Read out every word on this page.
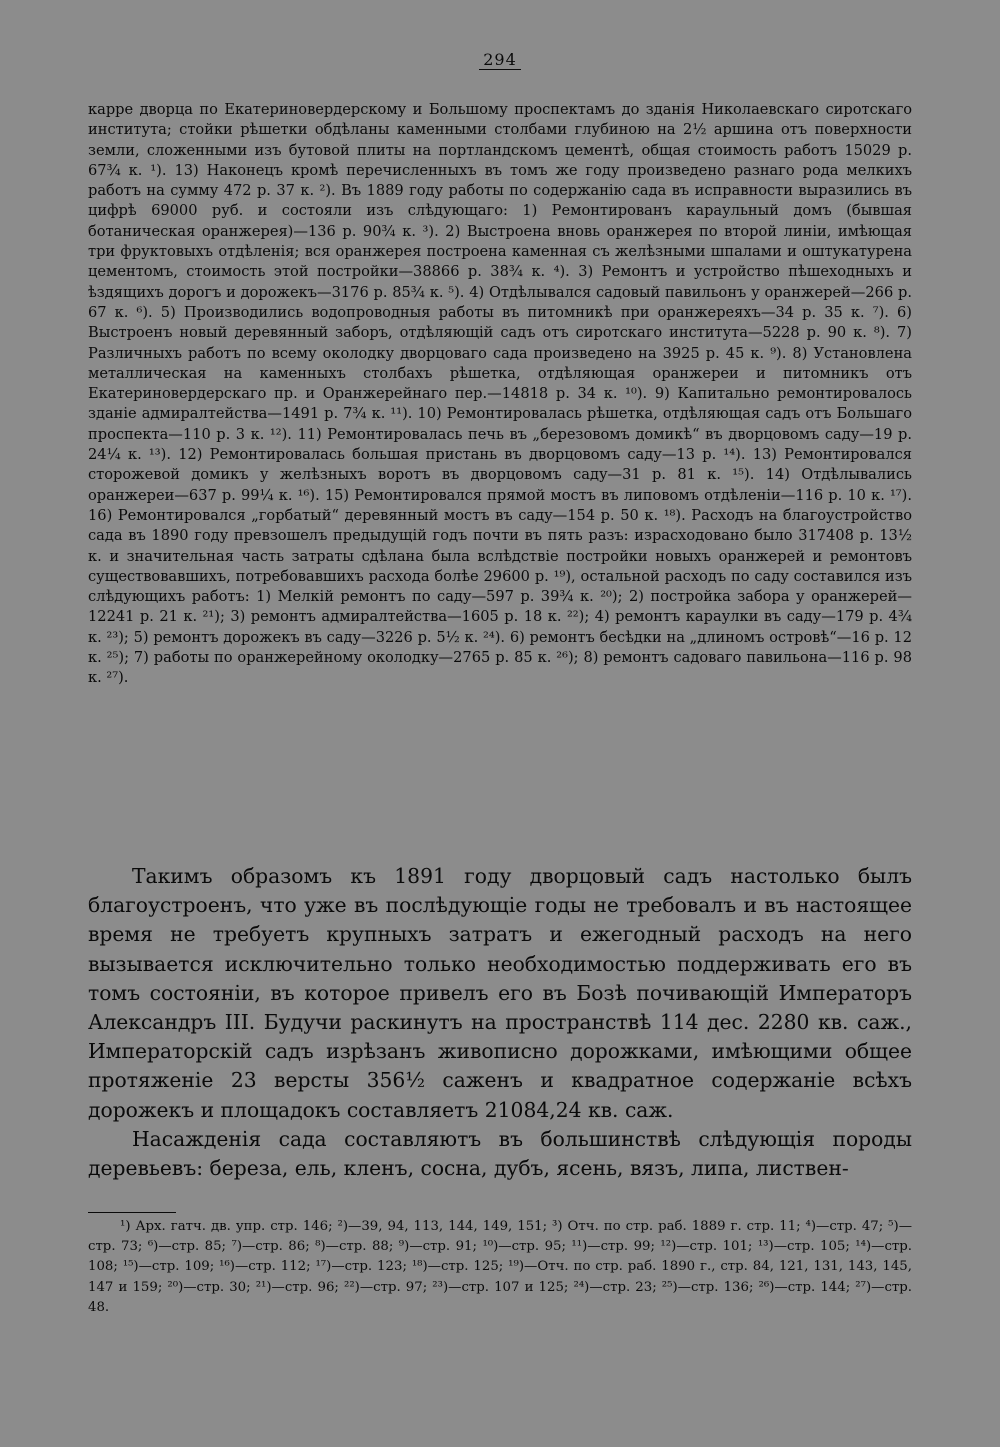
294
карре дворца по Екатериновердерскому и Большому проспектамъ до зданія Николаевскаго сиротскаго института; стойки рѣшетки обдѣланы каменными столбами глубиною на 2½ аршина отъ поверхности земли, сложенными изъ бутовой плиты на портландскомъ цементѣ, общая стоимость работъ 15029 р. 67¾ к. ¹). 13) Наконецъ кромѣ перечисленныхъ въ томъ же году произведено разнаго рода мелкихъ работъ на сумму 472 р. 37 к. ²). Въ 1889 году работы по содержанію сада въ исправности выразились въ цифрѣ 69000 руб. и состояли изъ слѣдующаго: 1) Ремонтированъ караульный домъ (бывшая ботаническая оранжерея)—136 р. 90¾ к. ³). 2) Выстроена вновь оранжерея по второй линіи, имѣющая три фруктовыхъ отдѣленія; вся оранжерея построена каменная съ желѣзными шпалами и оштукатурена цементомъ, стоимость этой постройки—38866 р. 38¾ к. ⁴). 3) Ремонтъ и устройство пѣшеходныхъ и ѣздящихъ дорогъ и дорожекъ—3176 р. 85¾ к. ⁵). 4) Отдѣлывался садовый павильонъ у оранжерей—266 р. 67 к. ⁶). 5) Производились водопроводныя работы въ питомникѣ при оранжереяхъ—34 р. 35 к. ⁷). 6) Выстроенъ новый деревянный заборъ, отдѣляющій садъ отъ сиротскаго института—5228 р. 90 к. ⁸). 7) Различныхъ работъ по всему околодку дворцоваго сада произведено на 3925 р. 45 к. ⁹). 8) Установлена металлическая на каменныхъ столбахъ рѣшетка, отдѣляющая оранжереи и питомникъ отъ Екатериновердерскаго пр. и Оранжерейнаго пер.—14818 р. 34 к. ¹⁰). 9) Капитально ремонтировалось зданіе адмиралтейства—1491 р. 7¾ к. ¹¹). 10) Ремонтировалась рѣшетка, отдѣляющая садъ отъ Большаго проспекта—110 р. 3 к. ¹²). 11) Ремонтировалась печь въ „березовомъ домикѣ“ въ дворцовомъ саду—19 р. 24¼ к. ¹³). 12) Ремонтировалась большая пристань въ дворцовомъ саду—13 р. ¹⁴). 13) Ремонтировался сторожевой домикъ у желѣзныхъ воротъ въ дворцовомъ саду—31 р. 81 к. ¹⁵). 14) Отдѣлывались оранжереи—637 р. 99¼ к. ¹⁶). 15) Ремонтировался прямой мостъ въ липовомъ отдѣленіи—116 р. 10 к. ¹⁷). 16) Ремонтировался „горбатый“ деревянный мостъ въ саду—154 р. 50 к. ¹⁸). Расходъ на благоустройство сада въ 1890 году превзошелъ предыдущій годъ почти въ пять разъ: израсходовано было 317408 р. 13½ к. и значительная часть затраты сдѣлана была вслѣдствіе постройки новыхъ оранжерей и ремонтовъ существовавшихъ, потребовавшихъ расхода болѣе 29600 р. ¹⁹), остальной расходъ по саду составился изъ слѣдующихъ работъ: 1) Мелкій ремонтъ по саду—597 р. 39¾ к. ²⁰); 2) постройка забора у оранжерей—12241 р. 21 к. ²¹); 3) ремонтъ адмиралтейства—1605 р. 18 к. ²²); 4) ремонтъ караулки въ саду—179 р. 4¾ к. ²³); 5) ремонтъ дорожекъ въ саду—3226 р. 5½ к. ²⁴). 6) ремонтъ бесѣдки на „длиномъ островѣ“—16 р. 12 к. ²⁵); 7) работы по оранжерейному околодку—2765 р. 85 к. ²⁶); 8) ремонтъ садоваго павильона—116 р. 98 к. ²⁷).

Такимъ образомъ къ 1891 году дворцовый садъ настолько былъ благоустроенъ, что уже въ послѣдующіе годы не требовалъ и въ настоящее время не требуетъ крупныхъ затратъ и ежегодный расходъ на него вызывается исключительно только необходимостью поддерживать его въ томъ состояніи, въ которое привелъ его въ Бозѣ почивающій Императоръ Александръ III. Будучи раскинутъ на пространствѣ 114 дес. 2280 кв. саж., Императорскій садъ изрѣзанъ живописно дорожками, имѣющими общее протяженіе 23 версты 356½ саженъ и квадратное содержаніе всѣхъ дорожекъ и площадокъ составляетъ 21084,24 кв. саж.

Насажденія сада составляютъ въ большинствѣ слѣдующія породы деревьевъ: береза, ель, кленъ, сосна, дубъ, ясень, вязъ, липа, листвен-

¹) Арх. гатч. дв. упр. стр. 146; ²)—39, 94, 113, 144, 149, 151; ³) Отч. по стр. раб. 1889 г. стр. 11; ⁴)—стр. 47; ⁵)—стр. 73; ⁶)—стр. 85; ⁷)—стр. 86; ⁸)—стр. 88; ⁹)—стр. 91; ¹⁰)—стр. 95; ¹¹)—стр. 99; ¹²)—стр. 101; ¹³)—стр. 105; ¹⁴)—стр. 108; ¹⁵)—стр. 109; ¹⁶)—стр. 112; ¹⁷)—стр. 123; ¹⁸)—стр. 125; ¹⁹)—Отч. по стр. раб. 1890 г., стр. 84, 121, 131, 143, 145, 147 и 159; ²⁰)—стр. 30; ²¹)—стр. 96; ²²)—стр. 97; ²³)—стр. 107 и 125; ²⁴)—стр. 23; ²⁵)—стр. 136; ²⁶)—стр. 144; ²⁷)—стр. 48.
